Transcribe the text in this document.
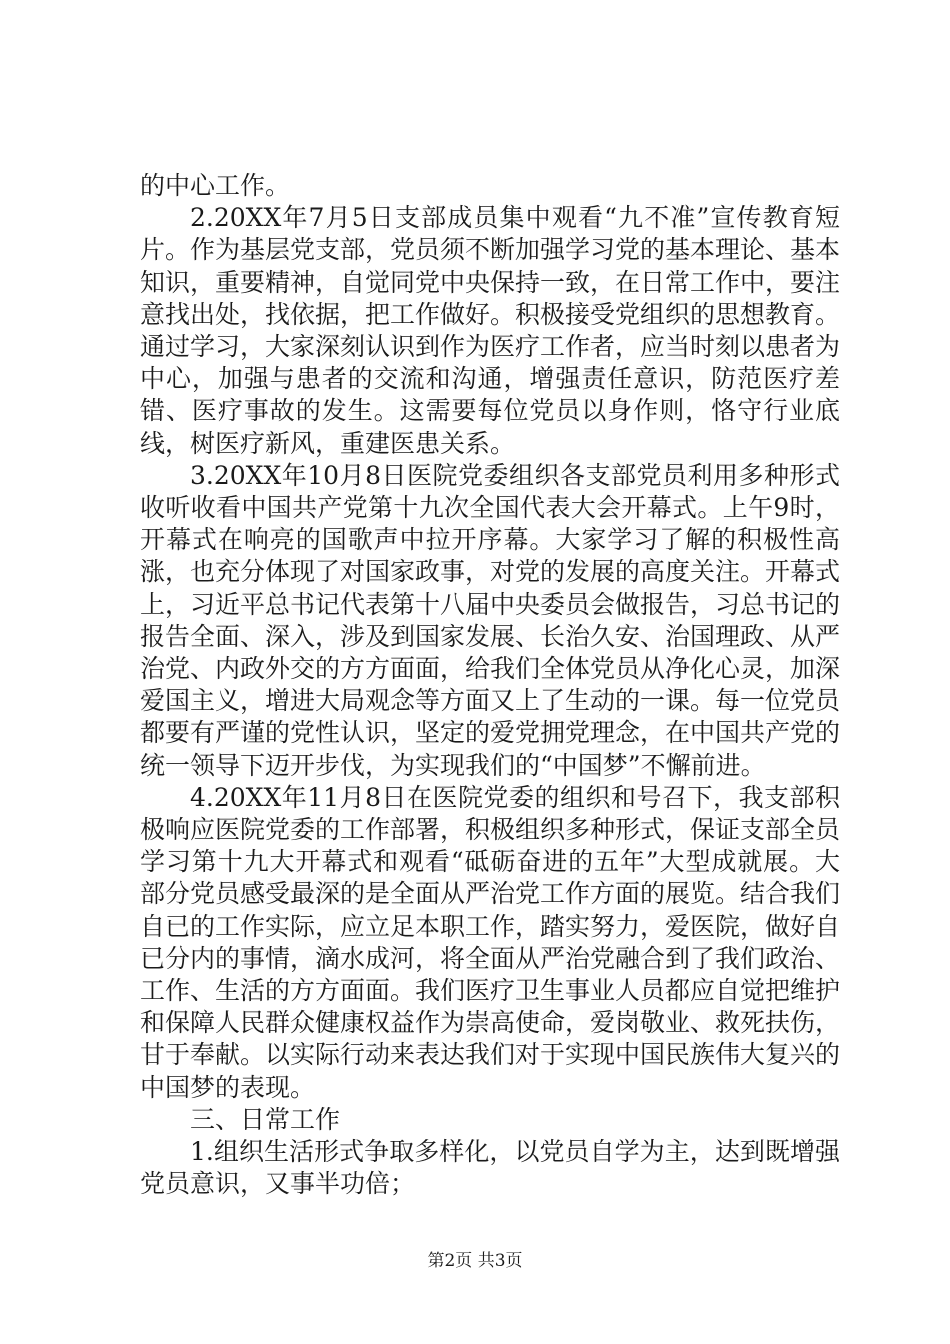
的中心工作。

2.20XX年7月5日支部成员集中观看“九不准”宣传教育短片。作为基层党支部，党员须不断加强学习党的基本理论、基本知识，重要精神，自觉同党中央保持一致，在日常工作中，要注意找出处，找依据，把工作做好。积极接受党组织的思想教育。通过学习，大家深刻认识到作为医疗工作者，应当时刻以患者为中心，加强与患者的交流和沟通，增强责任意识，防范医疗差错、医疗事故的发生。这需要每位党员以身作则，恪守行业底线，树医疗新风，重建医患关系。

3.20XX年10月8日医院党委组织各支部党员利用多种形式收听收看中国共产党第十九次全国代表大会开幕式。上午9时，开幕式在响亮的国歌声中拉开序幕。大家学习了解的积极性高涨，也充分体现了对国家政事，对党的发展的高度关注。开幕式上，习近平总书记代表第十八届中央委员会做报告，习总书记的报告全面、深入，涉及到国家发展、长治久安、治国理政、从严治党、内政外交的方方面面，给我们全体党员从净化心灵，加深爱国主义，增进大局观念等方面又上了生动的一课。每一位党员都要有严谨的党性认识，坚定的爱党拥党理念，在中国共产党的统一领导下迈开步伐，为实现我们的“中国梦”不懈前进。

4.20XX年11月8日在医院党委的组织和号召下，我支部积极响应医院党委的工作部署，积极组织多种形式，保证支部全员学习第十九大开幕式和观看“砥砺奋进的五年”大型成就展。大部分党员感受最深的是全面从严治党工作方面的展览。结合我们自已的工作实际，应立足本职工作，踏实努力，爱医院，做好自已分内的事情，滴水成河，将全面从严治党融合到了我们政治、工作、生活的方方面面。我们医疗卫生事业人员都应自觉把维护和保障人民群众健康权益作为崇高使命，爱岗敬业、救死扶伤，甘于奉献。以实际行动来表达我们对于实现中国民族伟大复兴的中国梦的表现。

三、日常工作

1.组织生活形式争取多样化，以党员自学为主，达到既增强党员意识，又事半功倍；

第2页 共3页
